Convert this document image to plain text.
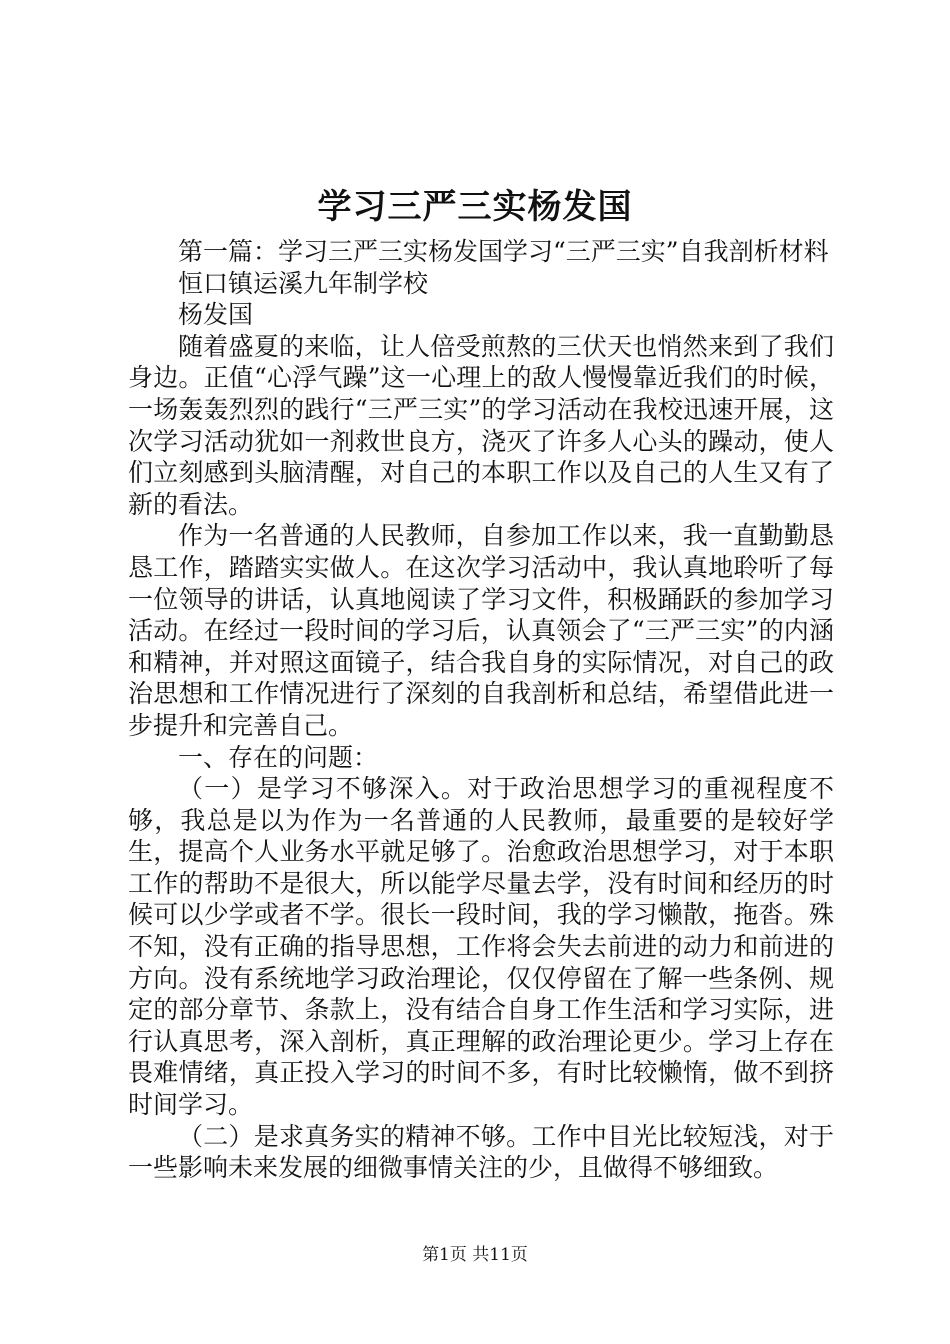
学习三严三实杨发国

第一篇：学习三严三实杨发国学习“三严三实”自我剖析材料

恒口镇运溪九年制学校

杨发国

随着盛夏的来临，让人倍受煎熬的三伏天也悄然来到了我们身边。正值“心浮气躁”这一心理上的敌人慢慢靠近我们的时候，一场轰轰烈烈的践行“三严三实”的学习活动在我校迅速开展，这次学习活动犹如一剂救世良方，浇灭了许多人心头的躁动，使人们立刻感到头脑清醒，对自己的本职工作以及自己的人生又有了新的看法。

作为一名普通的人民教师，自参加工作以来，我一直勤勤恳恳工作，踏踏实实做人。在这次学习活动中，我认真地聆听了每一位领导的讲话，认真地阅读了学习文件，积极踊跃的参加学习活动。在经过一段时间的学习后，认真领会了“三严三实”的内涵和精神，并对照这面镜子，结合我自身的实际情况，对自己的政治思想和工作情况进行了深刻的自我剖析和总结，希望借此进一步提升和完善自己。

一、存在的问题：

（一）是学习不够深入。对于政治思想学习的重视程度不够，我总是以为作为一名普通的人民教师，最重要的是较好学生，提高个人业务水平就足够了。治愈政治思想学习，对于本职工作的帮助不是很大，所以能学尽量去学，没有时间和经历的时候可以少学或者不学。很长一段时间，我的学习懒散，拖沓。殊不知，没有正确的指导思想，工作将会失去前进的动力和前进的方向。没有系统地学习政治理论，仅仅停留在了解一些条例、规定的部分章节、条款上，没有结合自身工作生活和学习实际，进行认真思考，深入剖析，真正理解的政治理论更少。学习上存在畏难情绪，真正投入学习的时间不多，有时比较懒惰，做不到挤时间学习。

（二）是求真务实的精神不够。工作中目光比较短浅，对于一些影响未来发展的细微事情关注的少，且做得不够细致。

第1页 共11页
